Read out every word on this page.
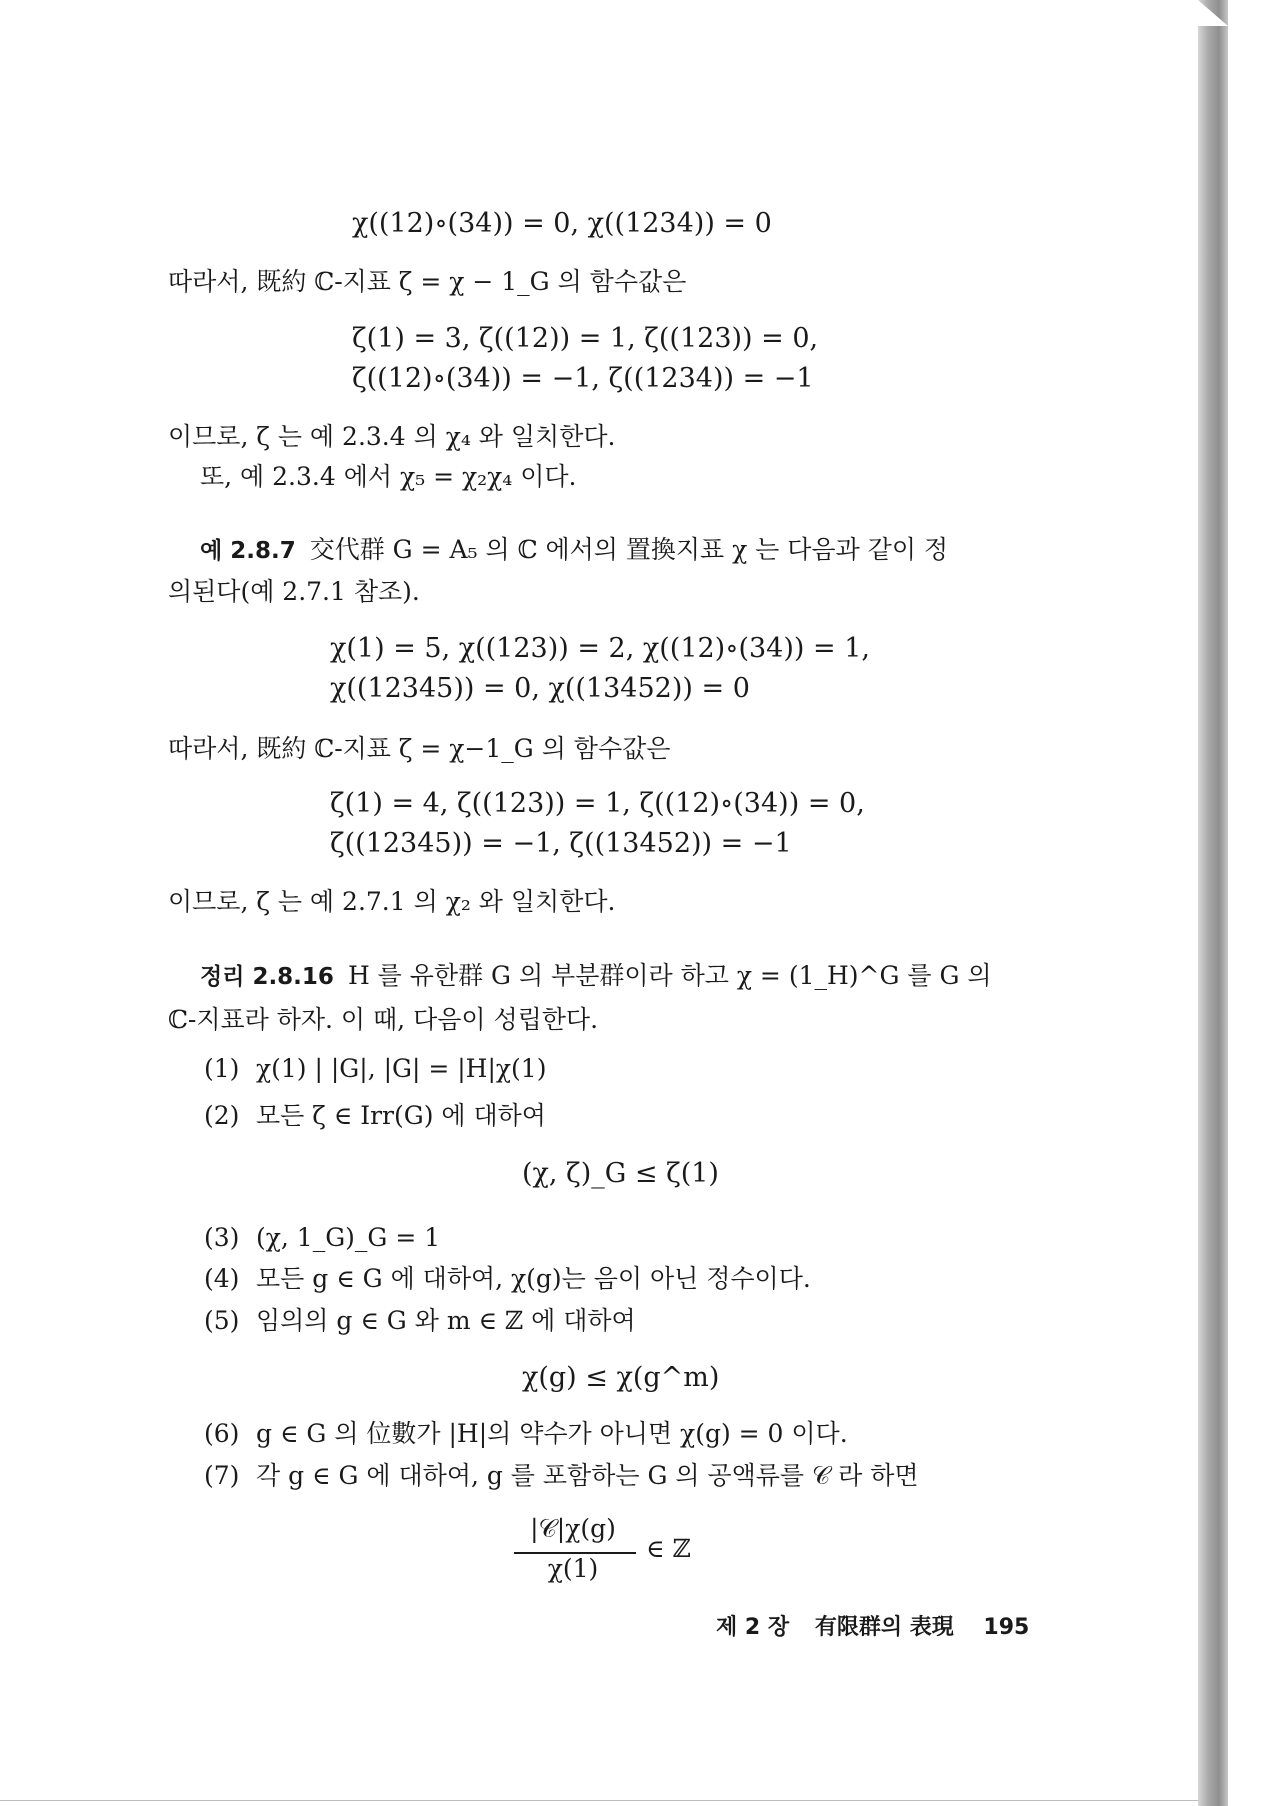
χ((12)∘(34)) = 0, χ((1234)) = 0
따라서, 既約 ℂ-지표 ζ = χ − 1_G 의 함수값은
ζ(1) = 3, ζ((12)) = 1, ζ((123)) = 0,
ζ((12)∘(34)) = −1, ζ((1234)) = −1
이므로, ζ 는 예 2.3.4 의 χ₄ 와 일치한다.
또, 예 2.3.4 에서 χ₅ = χ₂χ₄ 이다.
예 2.8.7 交代群 G = A₅ 의 ℂ 에서의 置換지표 χ 는 다음과 같이 정
의된다(예 2.7.1 참조).
χ(1) = 5, χ((123)) = 2, χ((12)∘(34)) = 1,
χ((12345)) = 0, χ((13452)) = 0
따라서, 既約 ℂ-지표 ζ = χ−1_G 의 함수값은
ζ(1) = 4, ζ((123)) = 1, ζ((12)∘(34)) = 0,
ζ((12345)) = −1, ζ((13452)) = −1
이므로, ζ 는 예 2.7.1 의 χ₂ 와 일치한다.
정리 2.8.16 H 를 유한群 G 의 부분群이라 하고 χ = (1_H)^G 를 G 의
ℂ-지표라 하자. 이 때, 다음이 성립한다.
(1) χ(1) | |G|, |G| = |H|χ(1)
(2) 모든 ζ ∈ Irr(G) 에 대하여
(χ, ζ)_G ≤ ζ(1)
(3) (χ, 1_G)_G = 1
(4) 모든 g ∈ G 에 대하여, χ(g)는 음이 아닌 정수이다.
(5) 임의의 g ∈ G 와 m ∈ ℤ 에 대하여
χ(g) ≤ χ(g^m)
(6) g ∈ G 의 位數가 |H|의 약수가 아니면 χ(g) = 0 이다.
(7) 각 g ∈ G 에 대하여, g 를 포함하는 G 의 공액류를 𝒞 라 하면
|𝒞|χ(g)
χ(1)
∈ ℤ
제 2 장 有限群의 表現 195
